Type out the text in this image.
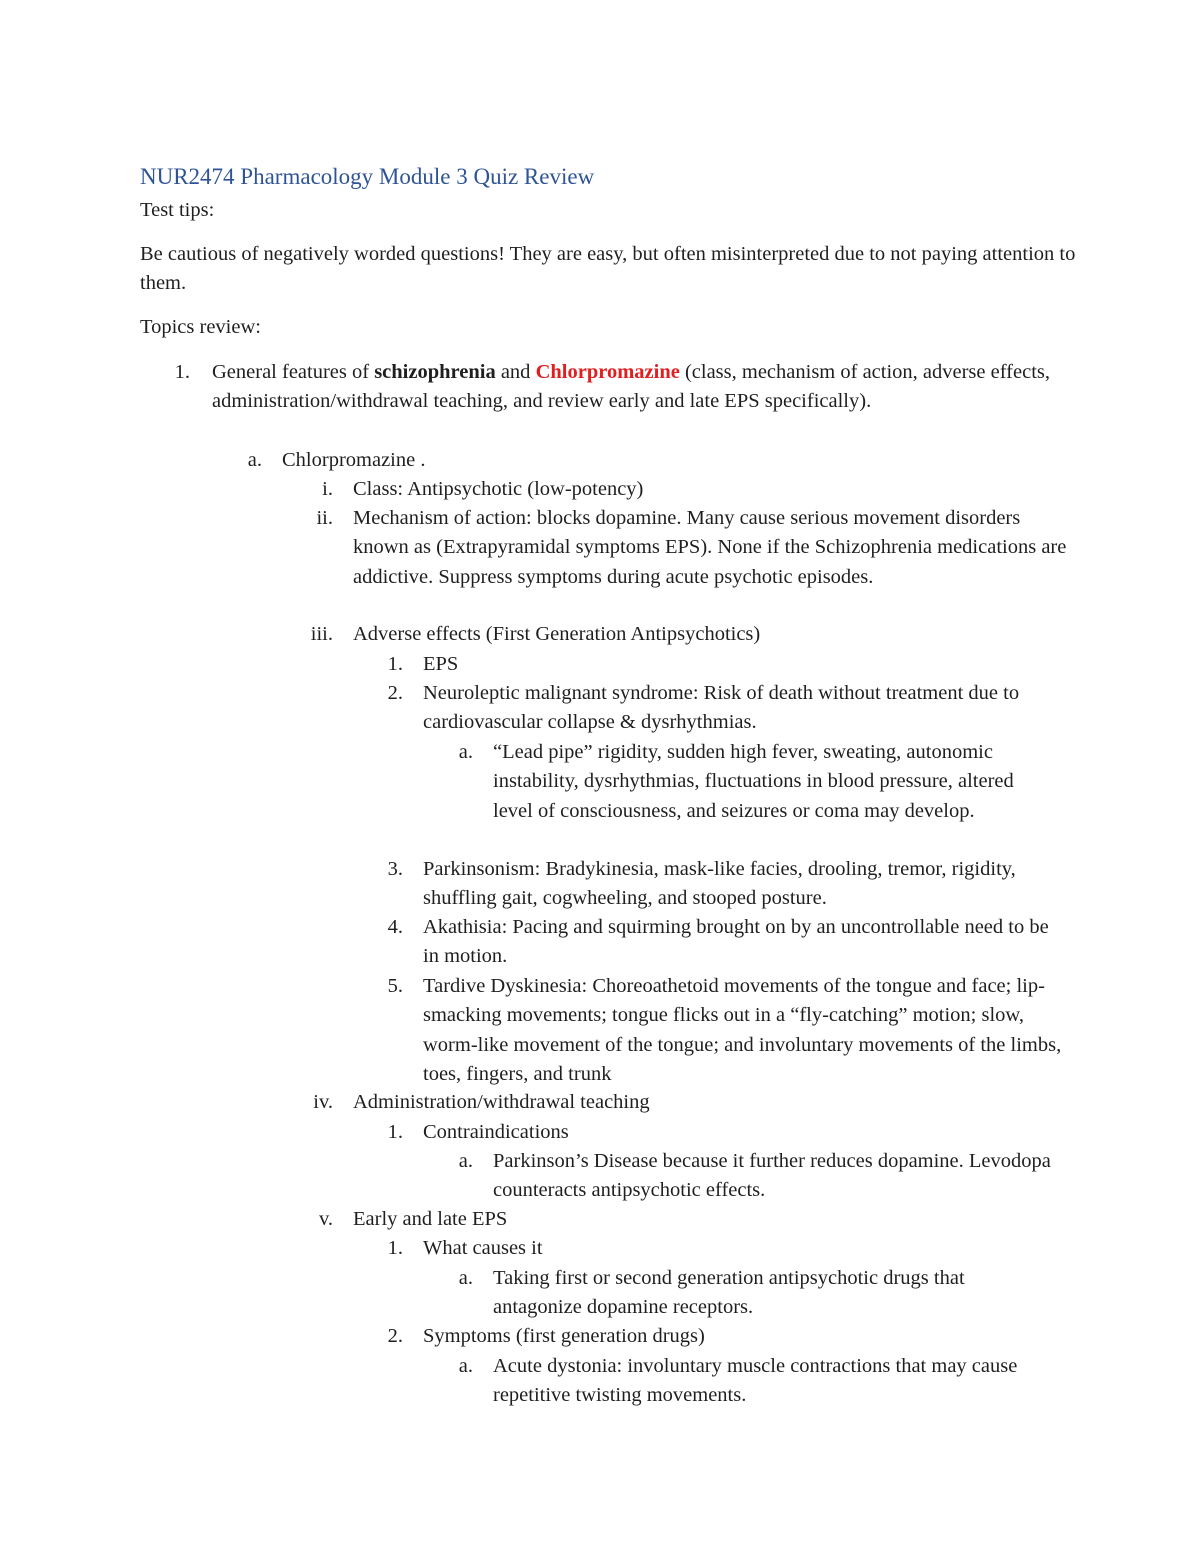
NUR2474 Pharmacology Module 3 Quiz Review
Test tips:
Be cautious of negatively worded questions! They are easy, but often misinterpreted due to not paying attention to them.
Topics review:
1. General features of schizophrenia and Chlorpromazine (class, mechanism of action, adverse effects, administration/withdrawal teaching, and review early and late EPS specifically).
a. Chlorpromazine .
i. Class: Antipsychotic (low-potency)
ii. Mechanism of action: blocks dopamine. Many cause serious movement disorders known as (Extrapyramidal symptoms EPS). None if the Schizophrenia medications are addictive. Suppress symptoms during acute psychotic episodes.
iii. Adverse effects (First Generation Antipsychotics)
1. EPS
2. Neuroleptic malignant syndrome: Risk of death without treatment due to cardiovascular collapse & dysrhythmias.
a. “Lead pipe” rigidity, sudden high fever, sweating, autonomic instability, dysrhythmias, fluctuations in blood pressure, altered level of consciousness, and seizures or coma may develop.
3. Parkinsonism: Bradykinesia, mask-like facies, drooling, tremor, rigidity, shuffling gait, cogwheeling, and stooped posture.
4. Akathisia: Pacing and squirming brought on by an uncontrollable need to be in motion.
5. Tardive Dyskinesia: Choreoathetoid movements of the tongue and face; lip-smacking movements; tongue flicks out in a “fly-catching” motion; slow, worm-like movement of the tongue; and involuntary movements of the limbs, toes, fingers, and trunk
iv. Administration/withdrawal teaching
1. Contraindications
a. Parkinson’s Disease because it further reduces dopamine. Levodopa counteracts antipsychotic effects.
v. Early and late EPS
1. What causes it
a. Taking first or second generation antipsychotic drugs that antagonize dopamine receptors.
2. Symptoms (first generation drugs)
a. Acute dystonia: involuntary muscle contractions that may cause repetitive twisting movements.
